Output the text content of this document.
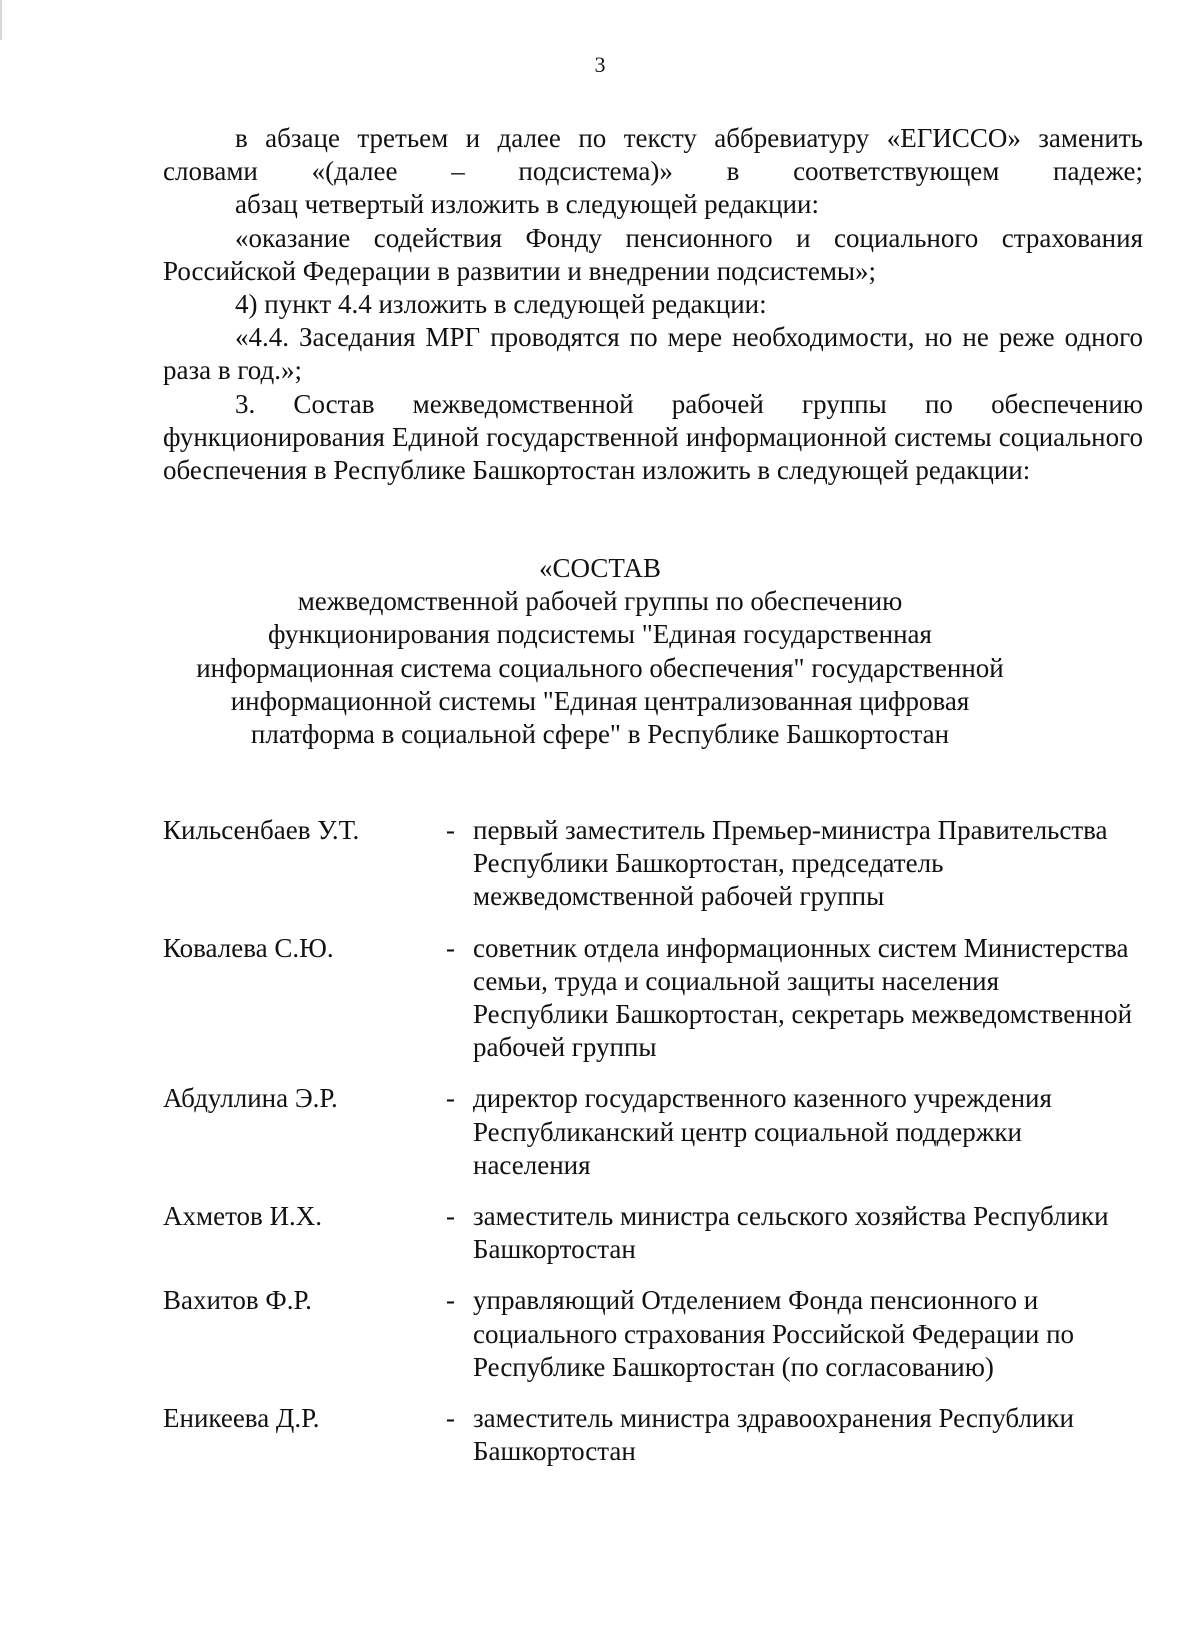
3

в абзаце третьем и далее по тексту аббревиатуру «ЕГИССО» заменить словами «(далее – подсистема)» в соответствующем падеже;

абзац четвертый изложить в следующей редакции:

«оказание содействия Фонду пенсионного и социального страхования Российской Федерации в развитии и внедрении подсистемы»;

4) пункт 4.4 изложить в следующей редакции:

«4.4. Заседания МРГ проводятся по мере необходимости, но не реже одного раза в год.»;

3. Состав межведомственной рабочей группы по обеспечению функционирования Единой государственной информационной системы социального обеспечения в Республике Башкортостан изложить в следующей редакции:

«СОСТАВ
межведомственной рабочей группы по обеспечению
функционирования подсистемы "Единая государственная
информационная система социального обеспечения" государственной
информационной системы "Единая централизованная цифровая
платформа в социальной сфере" в Республике Башкортостан
Кильсенбаев У.Т.	- первый заместитель Премьер-министра Правительства Республики Башкортостан, председатель межведомственной рабочей группы
Ковалева С.Ю.	- советник отдела информационных систем Министерства семьи, труда и социальной защиты населения Республики Башкортостан, секретарь межведомственной рабочей группы
Абдуллина Э.Р.	- директор государственного казенного учреждения Республиканский центр социальной поддержки населения
Ахметов И.Х.	- заместитель министра сельского хозяйства Республики Башкортостан
Вахитов Ф.Р.	- управляющий Отделением Фонда пенсионного и социального страхования Российской Федерации по Республике Башкортостан (по согласованию)
Еникеева Д.Р.	- заместитель министра здравоохранения Республики Башкортостан
